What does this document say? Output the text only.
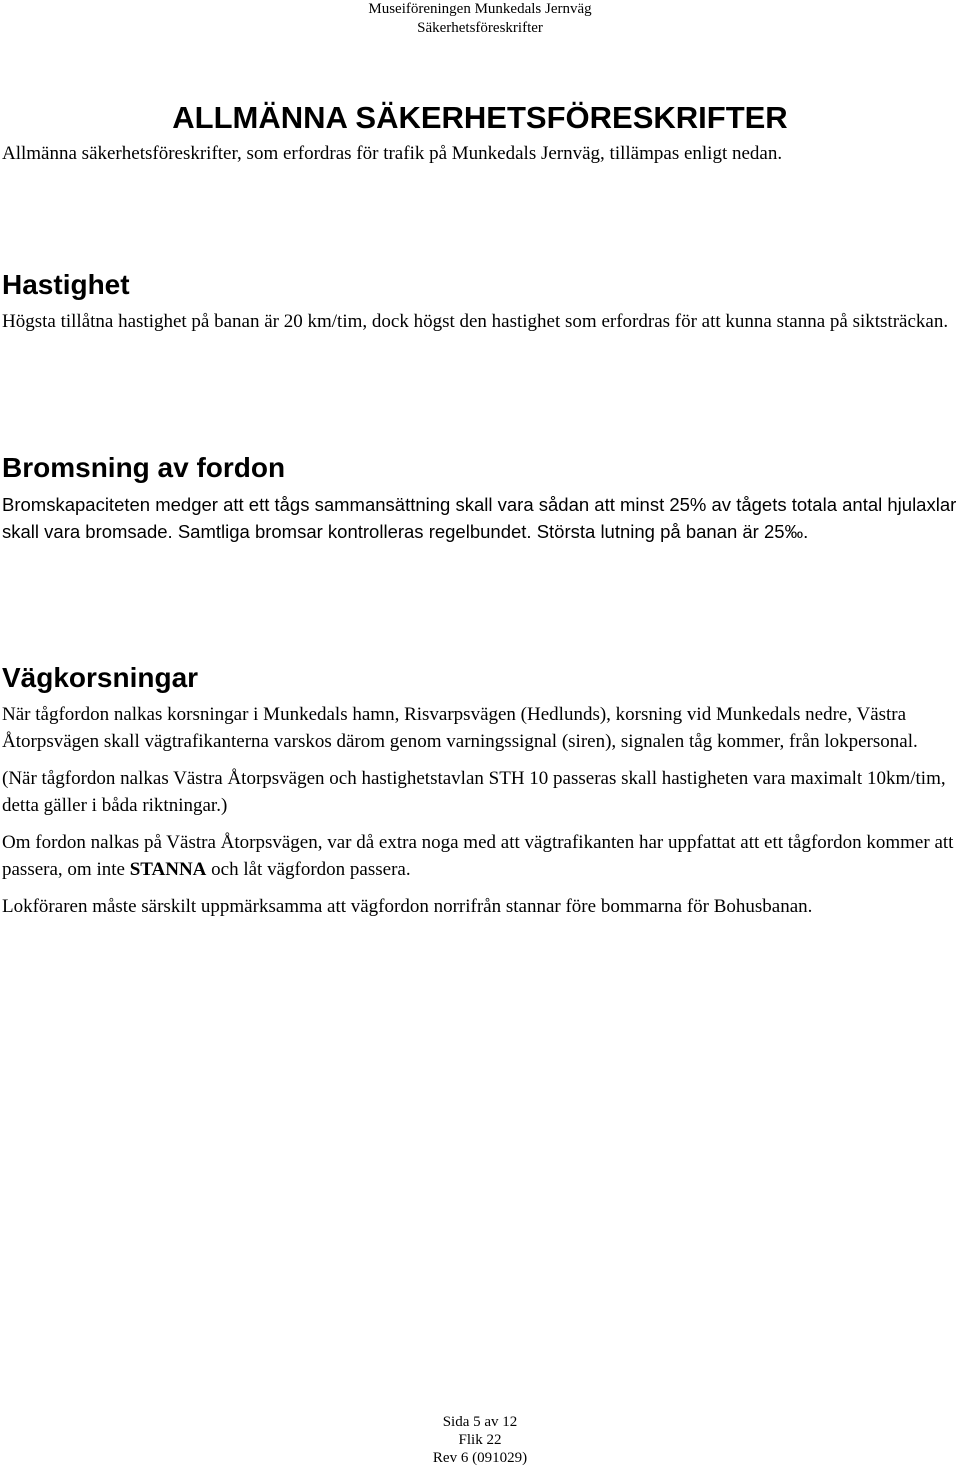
Museiföreningen Munkedals Jernväg
Säkerhetsföreskrifter
ALLMÄNNA SÄKERHETSFÖRESKRIFTER

Allmänna säkerhetsföreskrifter, som erfordras för trafik på Munkedals Jernväg, tillämpas enligt nedan.

Hastighet

Högsta tillåtna hastighet på banan är 20 km/tim, dock högst den hastighet som erfordras för att kunna stanna på siktsträckan.

Bromsning av fordon

Bromskapaciteten medger att ett tågs sammansättning skall vara sådan att minst 25% av tågets totala antal hjulaxlar skall vara bromsade. Samtliga bromsar kontrolleras regelbundet. Största lutning på banan är 25‰.

Vägkorsningar

När tågfordon nalkas korsningar i Munkedals hamn, Risvarpsvägen (Hedlunds), korsning vid Munkedals nedre, Västra Åtorpsvägen skall vägtrafikanterna varskos därom genom varningssignal (siren), signalen tåg kommer, från lokpersonal.

(När tågfordon nalkas Västra Åtorpsvägen och hastighetstavlan STH 10 passeras skall hastigheten vara maximalt 10km/tim, detta gäller i båda riktningar.)

Om fordon nalkas på Västra Åtorpsvägen, var då extra noga med att vägtrafikanten har uppfattat att ett tågfordon kommer att passera, om inte STANNA och låt vägfordon passera.

Lokföraren måste särskilt uppmärksamma att vägfordon norrifrån stannar före bommarna för Bohusbanan.

Sida 5 av 12
Flik 22
Rev 6 (091029)
